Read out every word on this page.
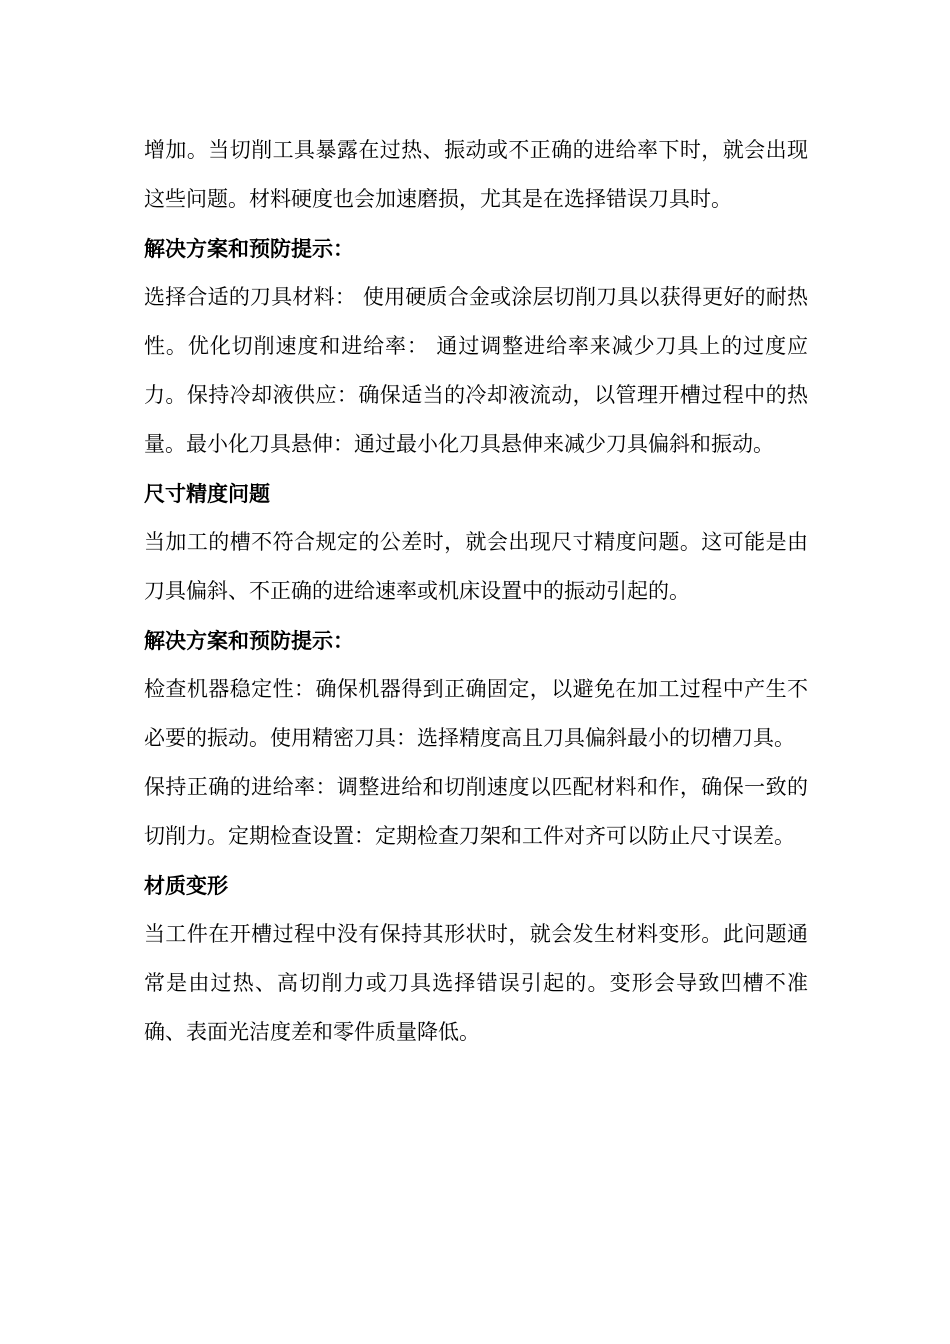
增加。当切削工具暴露在过热、振动或不正确的进给率下时，就会出现这些问题。材料硬度也会加速磨损，尤其是在选择错误刀具时。

解决方案和预防提示：

选择合适的刀具材料： 使用硬质合金或涂层切削刀具以获得更好的耐热性。优化切削速度和进给率： 通过调整进给率来减少刀具上的过度应力。保持冷却液供应：确保适当的冷却液流动，以管理开槽过程中的热量。最小化刀具悬伸：通过最小化刀具悬伸来减少刀具偏斜和振动。

尺寸精度问题

当加工的槽不符合规定的公差时，就会出现尺寸精度问题。这可能是由刀具偏斜、不正确的进给速率或机床设置中的振动引起的。

解决方案和预防提示：

检查机器稳定性：确保机器得到正确固定，以避免在加工过程中产生不必要的振动。使用精密刀具：选择精度高且刀具偏斜最小的切槽刀具。

保持正确的进给率：调整进给和切削速度以匹配材料和作，确保一致的切削力。定期检查设置：定期检查刀架和工件对齐可以防止尺寸误差。

材质变形

当工件在开槽过程中没有保持其形状时，就会发生材料变形。此问题通常是由过热、高切削力或刀具选择错误引起的。变形会导致凹槽不准确、表面光洁度差和零件质量降低。
